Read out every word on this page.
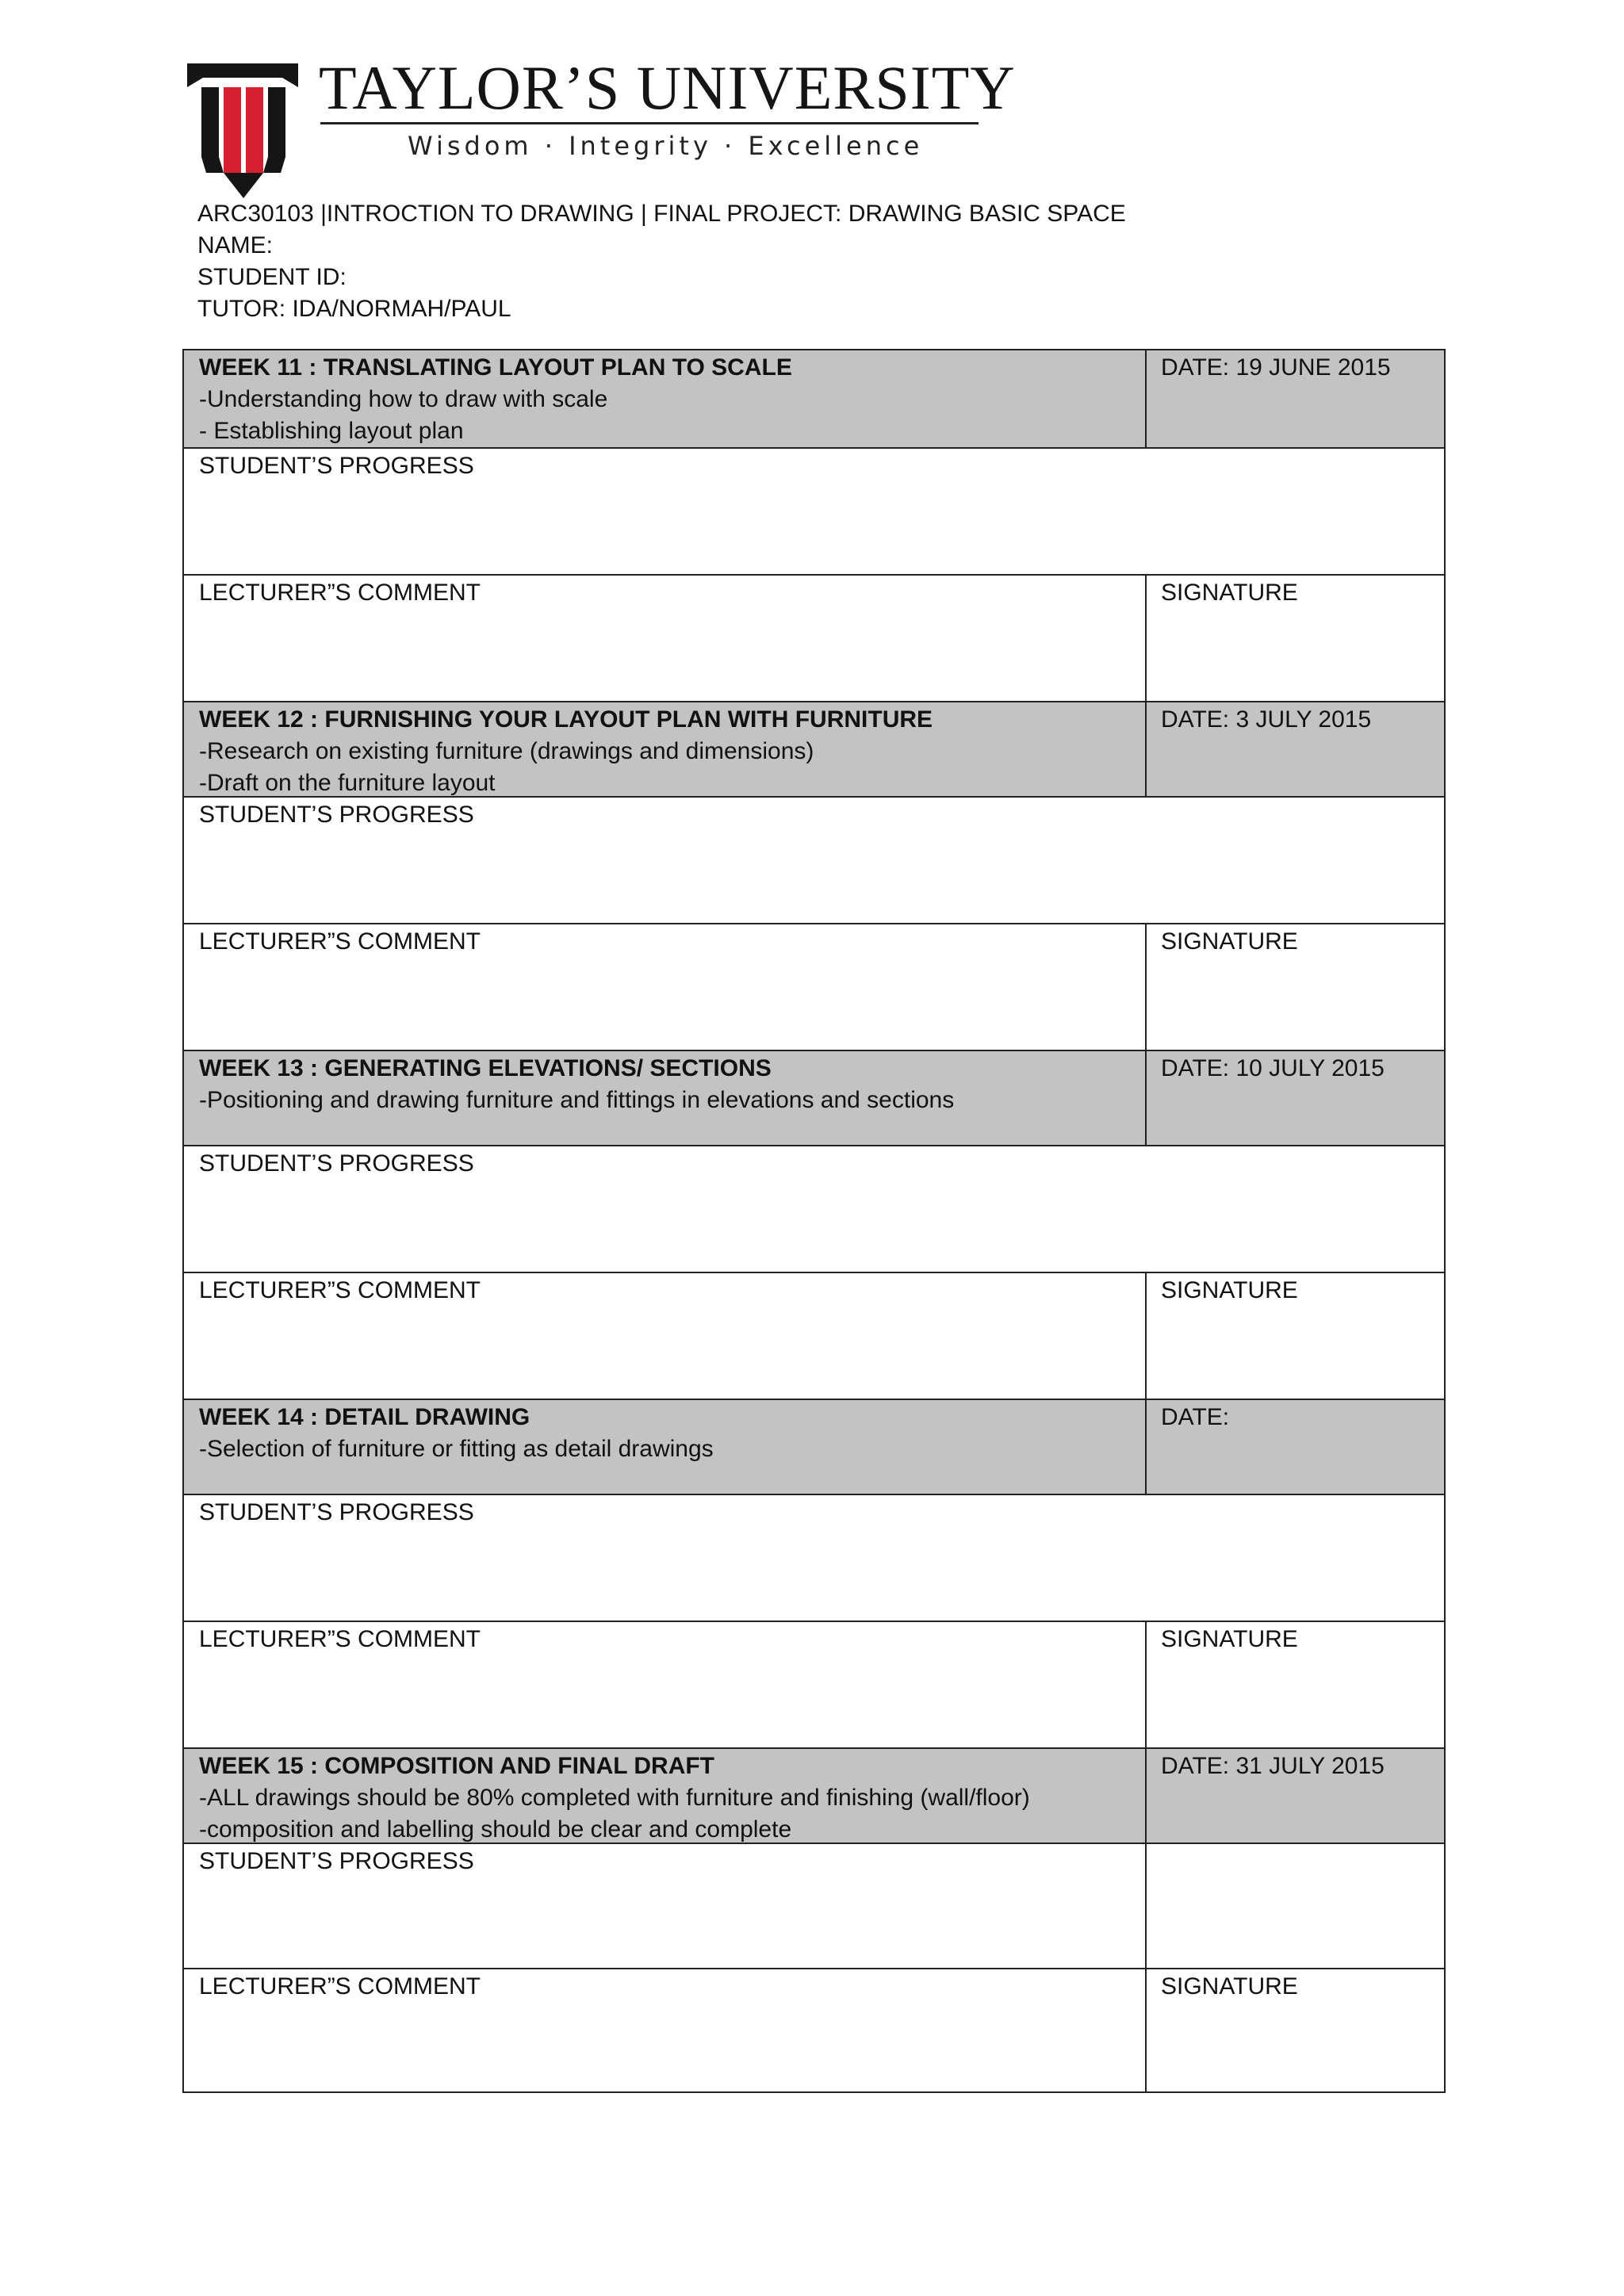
TAYLOR’S UNIVERSITY
Wisdom · Integrity · Excellence
ARC30103 |INTROCTION TO DRAWING | FINAL PROJECT: DRAWING BASIC SPACE
NAME:
STUDENT ID:
TUTOR: IDA/NORMAH/PAUL
WEEK 11 : TRANSLATING LAYOUT PLAN TO SCALE
-Understanding how to draw with scale
- Establishing layout plan
DATE: 19 JUNE 2015
STUDENT’S PROGRESS
LECTURER”S COMMENT	SIGNATURE
WEEK 12 : FURNISHING YOUR LAYOUT PLAN WITH FURNITURE
-Research on existing furniture (drawings and dimensions)
-Draft on the furniture layout
DATE: 3 JULY 2015
STUDENT’S PROGRESS
LECTURER”S COMMENT	SIGNATURE
WEEK 13 : GENERATING ELEVATIONS/ SECTIONS
-Positioning and drawing furniture and fittings in elevations and sections
DATE: 10 JULY 2015
STUDENT’S PROGRESS
LECTURER”S COMMENT	SIGNATURE
WEEK 14 : DETAIL DRAWING
-Selection of furniture or fitting as detail drawings
DATE:
STUDENT’S PROGRESS
LECTURER”S COMMENT	SIGNATURE
WEEK 15 : COMPOSITION AND FINAL DRAFT
-ALL drawings should be 80% completed with furniture and finishing (wall/floor)
-composition and labelling should be clear and complete
DATE: 31 JULY 2015
STUDENT’S PROGRESS
LECTURER”S COMMENT	SIGNATURE
